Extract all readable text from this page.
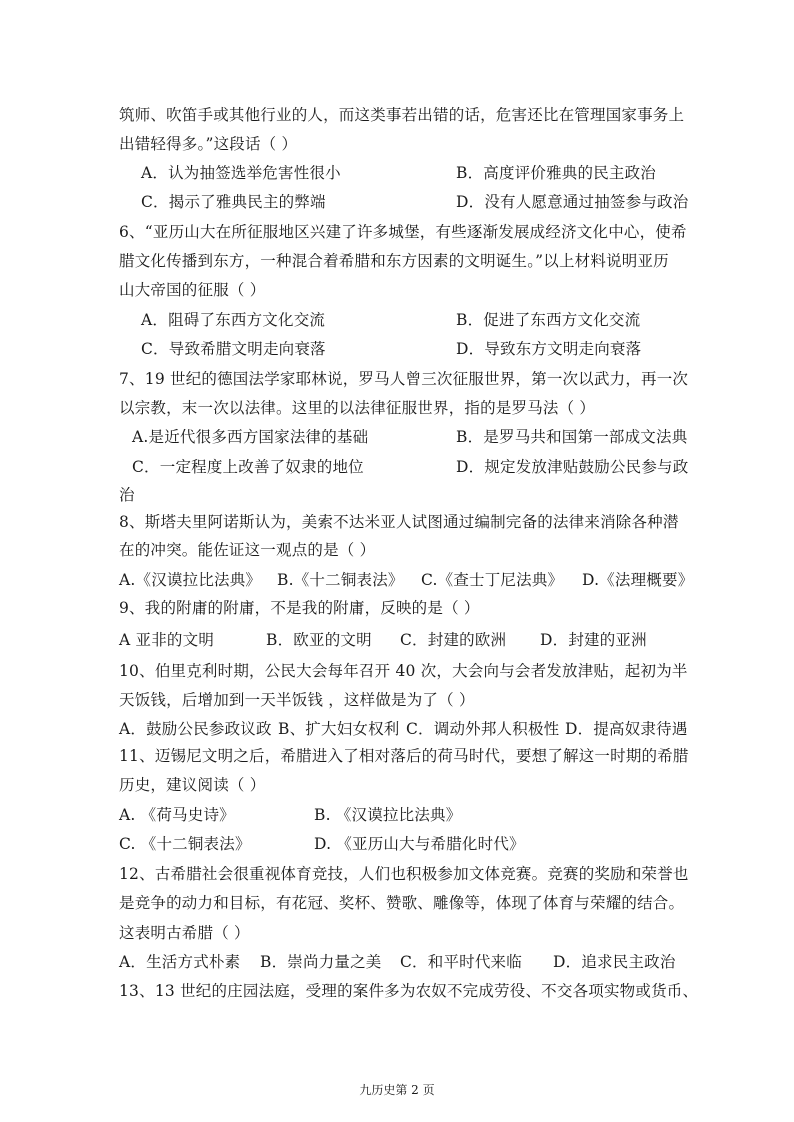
筑师、吹笛手或其他行业的人，而这类事若出错的话，危害还比在管理国家事务上
出错轻得多。”这段话（ ）
A．认为抽签选举危害性很小	B．高度评价雅典的民主政治
C．揭示了雅典民主的弊端	D．没有人愿意通过抽签参与政治
6、“亚历山大在所征服地区兴建了许多城堡，有些逐渐发展成经济文化中心，使希
腊文化传播到东方，一种混合着希腊和东方因素的文明诞生。”以上材料说明亚历
山大帝国的征服（ ）
A．阻碍了东西方文化交流	B．促进了东西方文化交流
C．导致希腊文明走向衰落	D．导致东方文明走向衰落
7、19 世纪的德国法学家耶林说，罗马人曾三次征服世界，第一次以武力，再一次
以宗教，末一次以法律。这里的以法律征服世界，指的是罗马法（ ）
A.是近代很多西方国家法律的基础	B．是罗马共和国第一部成文法典
C．一定程度上改善了奴隶的地位	D．规定发放津贴鼓励公民参与政
治
8、斯塔夫里阿诺斯认为，美索不达米亚人试图通过编制完备的法律来消除各种潜
在的冲突。能佐证这一观点的是（ ）
A.《汉谟拉比法典》 B.《十二铜表法》 C.《查士丁尼法典》 D.《法理概要》
9、我的附庸的附庸，不是我的附庸，反映的是（ ）
A 亚非的文明	B．欧亚的文明 C．封建的欧洲 D．封建的亚洲
10、伯里克利时期，公民大会每年召开 40 次，大会向与会者发放津贴，起初为半
天饭钱，后增加到一天半饭钱 ，这样做是为了（ ）
A．鼓励公民参政议政 B、扩大妇女权利 C．调动外邦人积极性 D．提高奴隶待遇
11、迈锡尼文明之后，希腊进入了相对落后的荷马时代，要想了解这一时期的希腊
历史，建议阅读（ ）
A. 《荷马史诗》	B. 《汉谟拉比法典》
C. 《十二铜表法》	D. 《亚历山大与希腊化时代》
12、古希腊社会很重视体育竞技，人们也积极参加文体竞赛。竞赛的奖励和荣誉也
是竞争的动力和目标，有花冠、奖杯、赞歌、雕像等，体现了体育与荣耀的结合。
这表明古希腊（ ）
A．生活方式朴素 B．崇尚力量之美 C．和平时代来临 D．追求民主政治
13、13 世纪的庄园法庭，受理的案件多为农奴不完成劳役、不交各项实物或货币、
九历史第 2 页
